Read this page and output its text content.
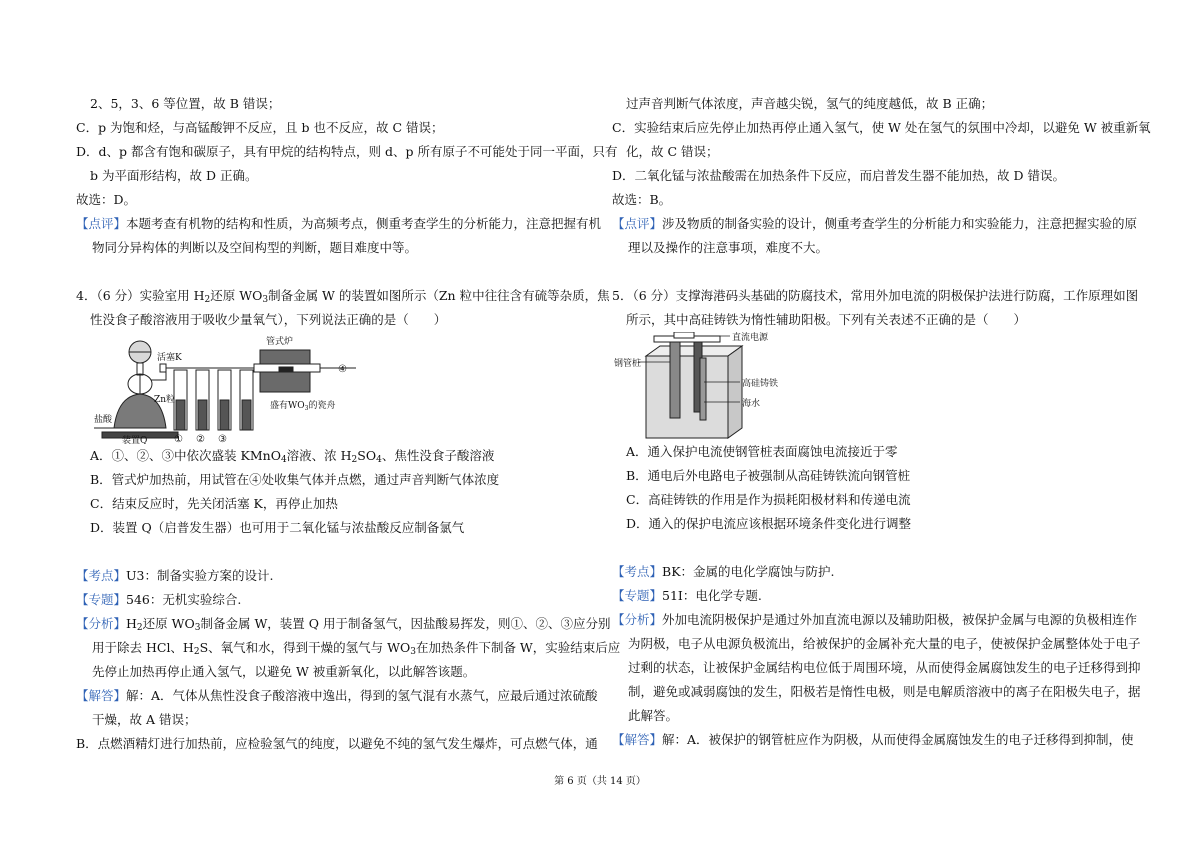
2、5，3、6 等位置，故 B 错误；
C．p 为饱和烃，与高锰酸钾不反应，且 b 也不反应，故 C 错误；
D．d、p 都含有饱和碳原子，具有甲烷的结构特点，则 d、p 所有原子不可能处于同一平面，只有
b 为平面形结构，故 D 正确。
故选：D。
【点评】本题考查有机物的结构和性质，为高频考点，侧重考查学生的分析能力，注意把握有机
物同分异构体的判断以及空间构型的判断，题目难度中等。
4．（6 分）实验室用 $H_2$还原 $WO_3$制备金属 W 的装置如图所示（Zn 粒中往往含有硫等杂质，焦
性没食子酸溶液用于吸收少量氧气），下列说法正确的是（　　）
活塞K
管式炉
Zn粒
盐酸
装置Q
盛有$WO_3$的瓷舟
① ② ③
④
A．①、②、③中依次盛装 KMnO$_4$溶液、浓 $H_2SO_4$、焦性没食子酸溶液
B．管式炉加热前，用试管在④处收集气体并点燃，通过声音判断气体浓度
C．结束反应时，先关闭活塞 K，再停止加热
D．装置 Q（启普发生器）也可用于二氧化锰与浓盐酸反应制备氯气
【考点】U3：制备实验方案的设计.
【专题】546：无机实验综合.
【分析】$H_2$还原 $WO_3$制备金属 W，装置 Q 用于制备氢气，因盐酸易挥发，则①、②、③应分别
用于除去 HCl、$H_2S$、氧气和水，得到干燥的氢气与 $WO_3$在加热条件下制备 W，实验结束后应
先停止加热再停止通入氢气，以避免 W 被重新氧化，以此解答该题。
【解答】解：A．气体从焦性没食子酸溶液中逸出，得到的氢气混有水蒸气，应最后通过浓硫酸
干燥，故 A 错误；
B．点燃酒精灯进行加热前，应检验氢气的纯度，以避免不纯的氢气发生爆炸，可点燃气体，通
过声音判断气体浓度，声音越尖锐，氢气的纯度越低，故 B 正确；
C．实验结束后应先停止加热再停止通入氢气，使 W 处在氢气的氛围中冷却，以避免 W 被重新氧
化，故 C 错误；
D．二氧化锰与浓盐酸需在加热条件下反应，而启普发生器不能加热，故 D 错误。
故选：B。
【点评】涉及物质的制备实验的设计，侧重考查学生的分析能力和实验能力，注意把握实验的原
理以及操作的注意事项，难度不大。
5．（6 分）支撑海港码头基础的防腐技术，常用外加电流的阴极保护法进行防腐，工作原理如图
所示，其中高硅铸铁为惰性辅助阳极。下列有关表述不正确的是（　　）
直流电源
钢管桩
高硅铸铁
海水
A．通入保护电流使钢管桩表面腐蚀电流接近于零
B．通电后外电路电子被强制从高硅铸铁流向钢管桩
C．高硅铸铁的作用是作为损耗阳极材料和传递电流
D．通入的保护电流应该根据环境条件变化进行调整
【考点】BK：金属的电化学腐蚀与防护.
【专题】51I：电化学专题.
【分析】外加电流阴极保护是通过外加直流电源以及辅助阳极，被保护金属与电源的负极相连作
为阴极，电子从电源负极流出，给被保护的金属补充大量的电子，使被保护金属整体处于电子
过剩的状态，让被保护金属结构电位低于周围环境，从而使得金属腐蚀发生的电子迁移得到抑
制，避免或减弱腐蚀的发生，阳极若是惰性电极，则是电解质溶液中的离子在阳极失电子，据
此解答。
【解答】解：A．被保护的钢管桩应作为阴极，从而使得金属腐蚀发生的电子迁移得到抑制，使
第 6 页（共 14 页）
